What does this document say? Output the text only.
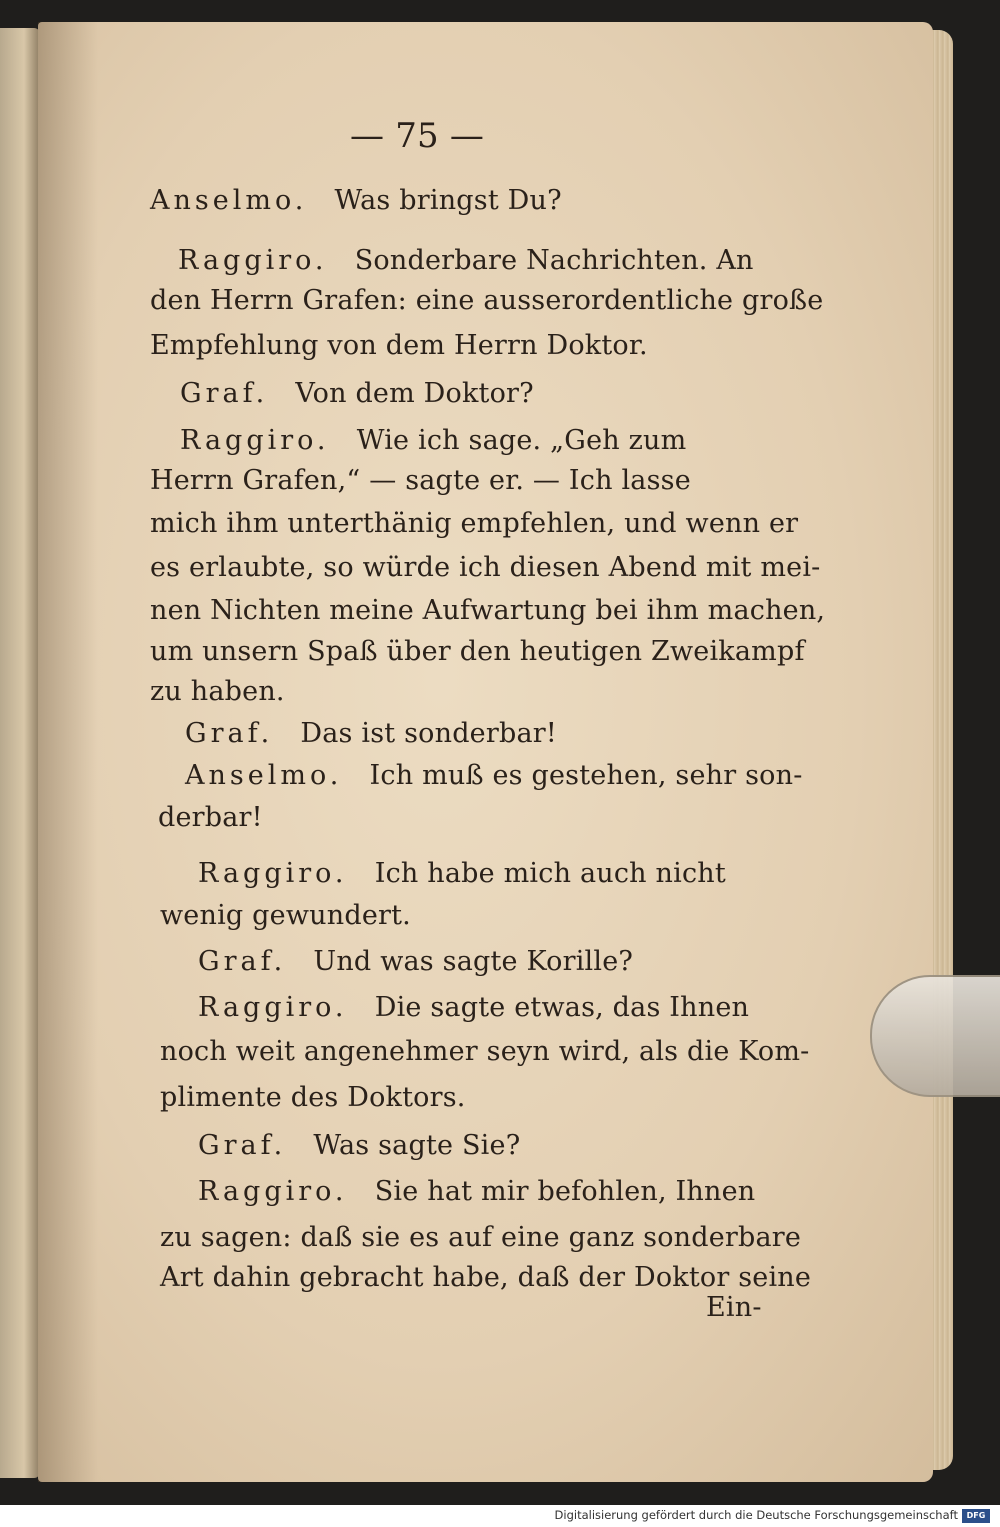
— 75 —
Anselmo.  Was bringst Du?
Raggiro.  Sonderbare Nachrichten. An
den Herrn Grafen: eine ausserordentliche große
Empfehlung von dem Herrn Doktor.
Graf.  Von dem Doktor?
Raggiro.  Wie ich sage. „Geh zum
Herrn Grafen,“ — sagte er. — Ich lasse
mich ihm unterthänig empfehlen, und wenn er
es erlaubte, so würde ich diesen Abend mit mei-
nen Nichten meine Aufwartung bei ihm machen,
um unsern Spaß über den heutigen Zweikampf
zu haben.
Graf.  Das ist sonderbar!
Anselmo.  Ich muß es gestehen, sehr son-
derbar!
Raggiro.  Ich habe mich auch nicht
wenig gewundert.
Graf.  Und was sagte Korille?
Raggiro.  Die sagte etwas, das Ihnen
noch weit angenehmer seyn wird, als die Kom-
plimente des Doktors.
Graf.  Was sagte Sie?
Raggiro.  Sie hat mir befohlen, Ihnen
zu sagen: daß sie es auf eine ganz sonderbare
Art dahin gebracht habe, daß der Doktor seine
Ein-
Digitalisierung gefördert durch die Deutsche Forschungsgemeinschaft	DFG
